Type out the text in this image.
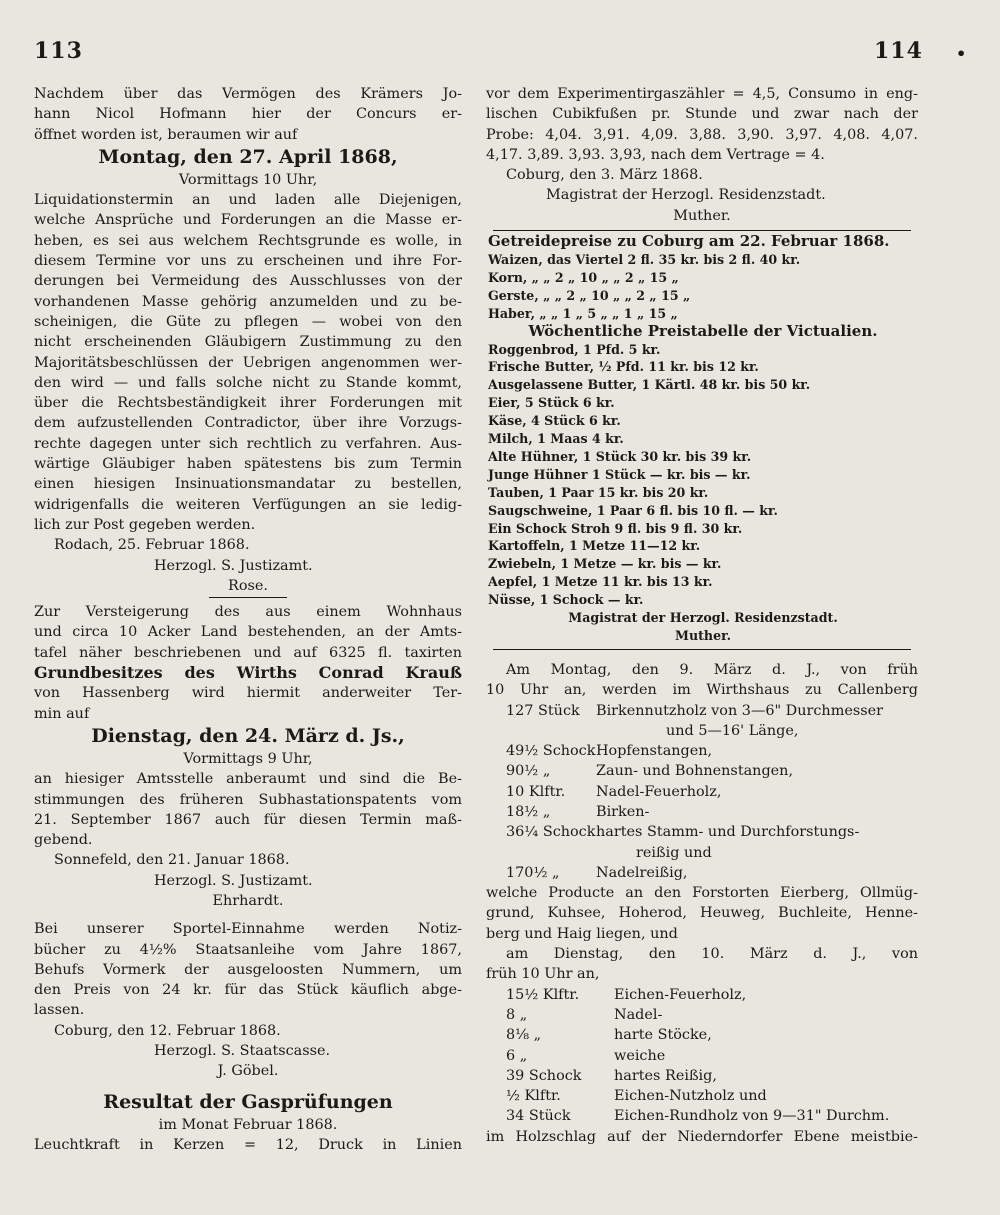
113	114 •
Nachdem über das Vermögen des Krämers Jo-
hann Nicol Hofmann hier der Concurs er-
öffnet worden ist, beraumen wir auf
Montag, den 27. April 1868,
Vormittags 10 Uhr,
Liquidationstermin an und laden alle Diejenigen,
welche Ansprüche und Forderungen an die Masse er-
heben, es sei aus welchem Rechtsgrunde es wolle, in
diesem Termine vor uns zu erscheinen und ihre For-
derungen bei Vermeidung des Ausschlusses von der
vorhandenen Masse gehörig anzumelden und zu be-
scheinigen, die Güte zu pflegen — wobei von den
nicht erscheinenden Gläubigern Zustimmung zu den
Majoritätsbeschlüssen der Uebrigen angenommen wer-
den wird — und falls solche nicht zu Stande kommt,
über die Rechtsbeständigkeit ihrer Forderungen mit
dem aufzustellenden Contradictor, über ihre Vorzugs-
rechte dagegen unter sich rechtlich zu verfahren. Aus-
wärtige Gläubiger haben spätestens bis zum Termin
einen hiesigen Insinuationsmandatar zu bestellen,
widrigenfalls die weiteren Verfügungen an sie ledig-
lich zur Post gegeben werden.
Rodach, 25. Februar 1868.
Herzogl. S. Justizamt.
Rose.
Zur Versteigerung des aus einem Wohnhaus
und circa 10 Acker Land bestehenden, an der Amts-
tafel näher beschriebenen und auf 6325 fl. taxirten
Grundbesitzes des Wirths Conrad Krauß
von Hassenberg wird hiermit anderweiter Ter-
min auf
Dienstag, den 24. März d. Js.,
Vormittags 9 Uhr,
an hiesiger Amtsstelle anberaumt und sind die Be-
stimmungen des früheren Subhastationspatents vom
21. September 1867 auch für diesen Termin maß-
gebend.
Sonnefeld, den 21. Januar 1868.
Herzogl. S. Justizamt.
Ehrhardt.
Bei unserer Sportel-Einnahme werden Notiz-
bücher zu 4½% Staatsanleihe vom Jahre 1867,
Behufs Vormerk der ausgeloosten Nummern, um
den Preis von 24 kr. für das Stück käuflich abge-
lassen.
Coburg, den 12. Februar 1868.
Herzogl. S. Staatscasse.
J. Göbel.
Resultat der Gasprüfungen
im Monat Februar 1868.
Leuchtkraft in Kerzen = 12, Druck in Linien
vor dem Experimentirgaszähler = 4,5, Consumo in eng-
lischen Cubikfußen pr. Stunde und zwar nach der
Probe: 4,04. 3,91. 4,09. 3,88. 3,90. 3,97. 4,08. 4,07.
4,17. 3,89. 3,93. 3,93, nach dem Vertrage = 4.
Coburg, den 3. März 1868.
Magistrat der Herzogl. Residenzstadt.
Muther.
Getreidepreise zu Coburg am 22. Februar 1868.
Waizen, das Viertel 2 fl. 35 kr. bis 2 fl. 40 kr.
Korn, „ „ 2 „ 10 „ „ 2 „ 15 „
Gerste, „ „ 2 „ 10 „ „ 2 „ 15 „
Haber, „ „ 1 „ 5 „ „ 1 „ 15 „
Wöchentliche Preistabelle der Victualien.
Roggenbrod, 1 Pfd. 5 kr.
Frische Butter, ½ Pfd. 11 kr. bis 12 kr.
Ausgelassene Butter, 1 Kärtl. 48 kr. bis 50 kr.
Eier, 5 Stück 6 kr.
Käse, 4 Stück 6 kr.
Milch, 1 Maas 4 kr.
Alte Hühner, 1 Stück 30 kr. bis 39 kr.
Junge Hühner 1 Stück — kr. bis — kr.
Tauben, 1 Paar 15 kr. bis 20 kr.
Saugschweine, 1 Paar 6 fl. bis 10 fl. — kr.
Ein Schock Stroh 9 fl. bis 9 fl. 30 kr.
Kartoffeln, 1 Metze 11—12 kr.
Zwiebeln, 1 Metze — kr. bis — kr.
Aepfel, 1 Metze 11 kr. bis 13 kr.
Nüsse, 1 Schock — kr.
Magistrat der Herzogl. Residenzstadt.
Muther.
Am Montag, den 9. März d. J., von früh
10 Uhr an, werden im Wirthshaus zu Callenberg
127 Stück	Birkennutzholz von 3—6" Durchmesser
und 5—16' Länge,
49½ Schock Hopfenstangen,
90½ „	Zaun- und Bohnenstangen,
10 Klftr.	Nadel-Feuerholz,
18½ „	Birken-
36¼ Schock hartes Stamm- und Durchforstungs-
reißig und
170½ „	Nadelreißig,
welche Producte an den Forstorten Eierberg, Ollmüg-
grund, Kuhsee, Hoherod, Heuweg, Buchleite, Henne-
berg und Haig liegen, und
am Dienstag, den 10. März d. J., von
früh 10 Uhr an,
15½ Klftr.	Eichen-Feuerholz,
8 „	Nadel-
8⅛ „	harte Stöcke,
6 „	weiche
39 Schock	hartes Reißig,
½ Klftr.	Eichen-Nutzholz und
34 Stück	Eichen-Rundholz von 9—31" Durchm.
im Holzschlag auf der Niederndorfer Ebene meistbie-
